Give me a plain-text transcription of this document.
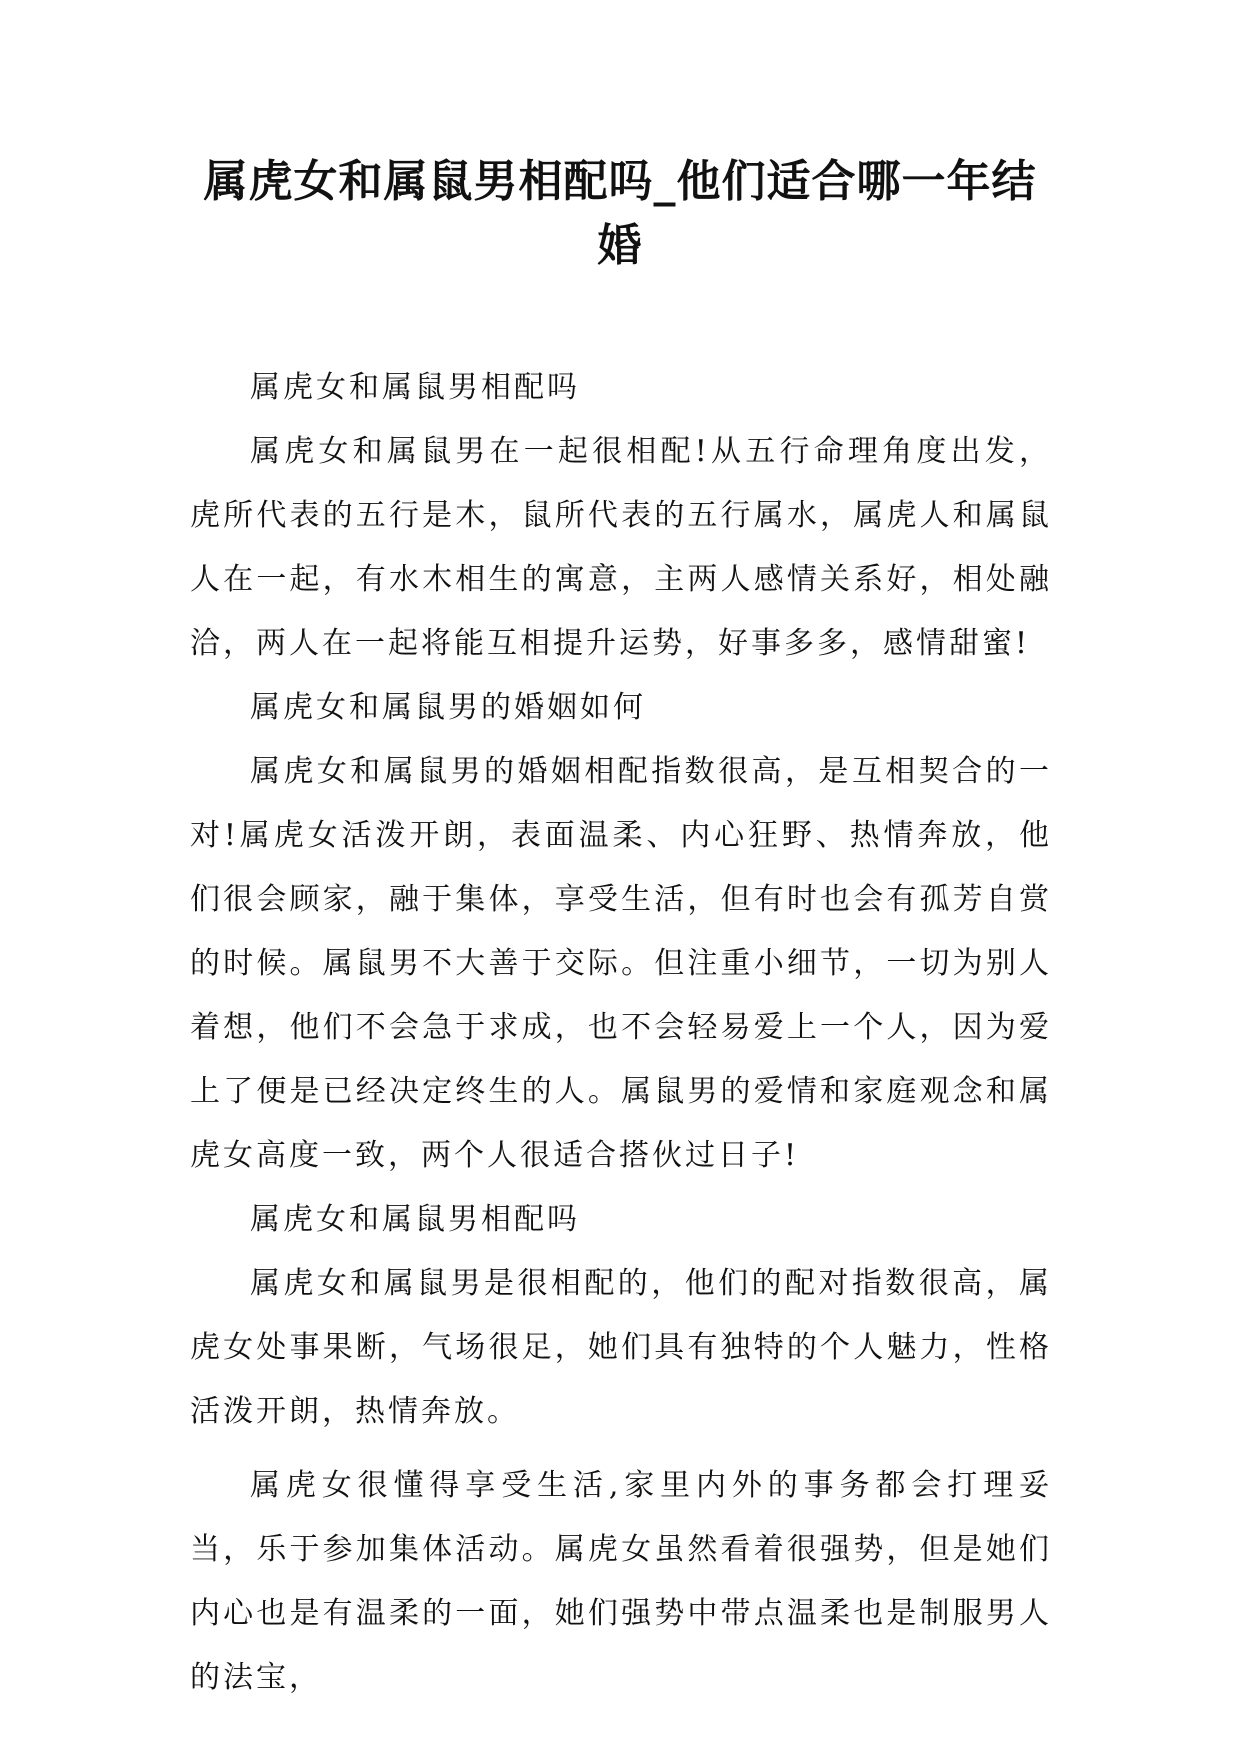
属虎女和属鼠男相配吗_他们适合哪一年结婚

属虎女和属鼠男相配吗

属虎女和属鼠男在一起很相配!从五行命理角度出发，虎所代表的五行是木，鼠所代表的五行属水，属虎人和属鼠人在一起，有水木相生的寓意，主两人感情关系好，相处融洽，两人在一起将能互相提升运势，好事多多，感情甜蜜!

属虎女和属鼠男的婚姻如何

属虎女和属鼠男的婚姻相配指数很高，是互相契合的一对!属虎女活泼开朗，表面温柔、内心狂野、热情奔放，他们很会顾家，融于集体，享受生活，但有时也会有孤芳自赏的时候。属鼠男不大善于交际。但注重小细节，一切为别人着想，他们不会急于求成，也不会轻易爱上一个人，因为爱上了便是已经决定终生的人。属鼠男的爱情和家庭观念和属虎女高度一致，两个人很适合搭伙过日子!

属虎女和属鼠男相配吗

属虎女和属鼠男是很相配的，他们的配对指数很高，属虎女处事果断，气场很足，她们具有独特的个人魅力，性格活泼开朗，热情奔放。

属虎女很懂得享受生活,家里内外的事务都会打理妥当，乐于参加集体活动。属虎女虽然看着很强势，但是她们内心也是有温柔的一面，她们强势中带点温柔也是制服男人的法宝，
